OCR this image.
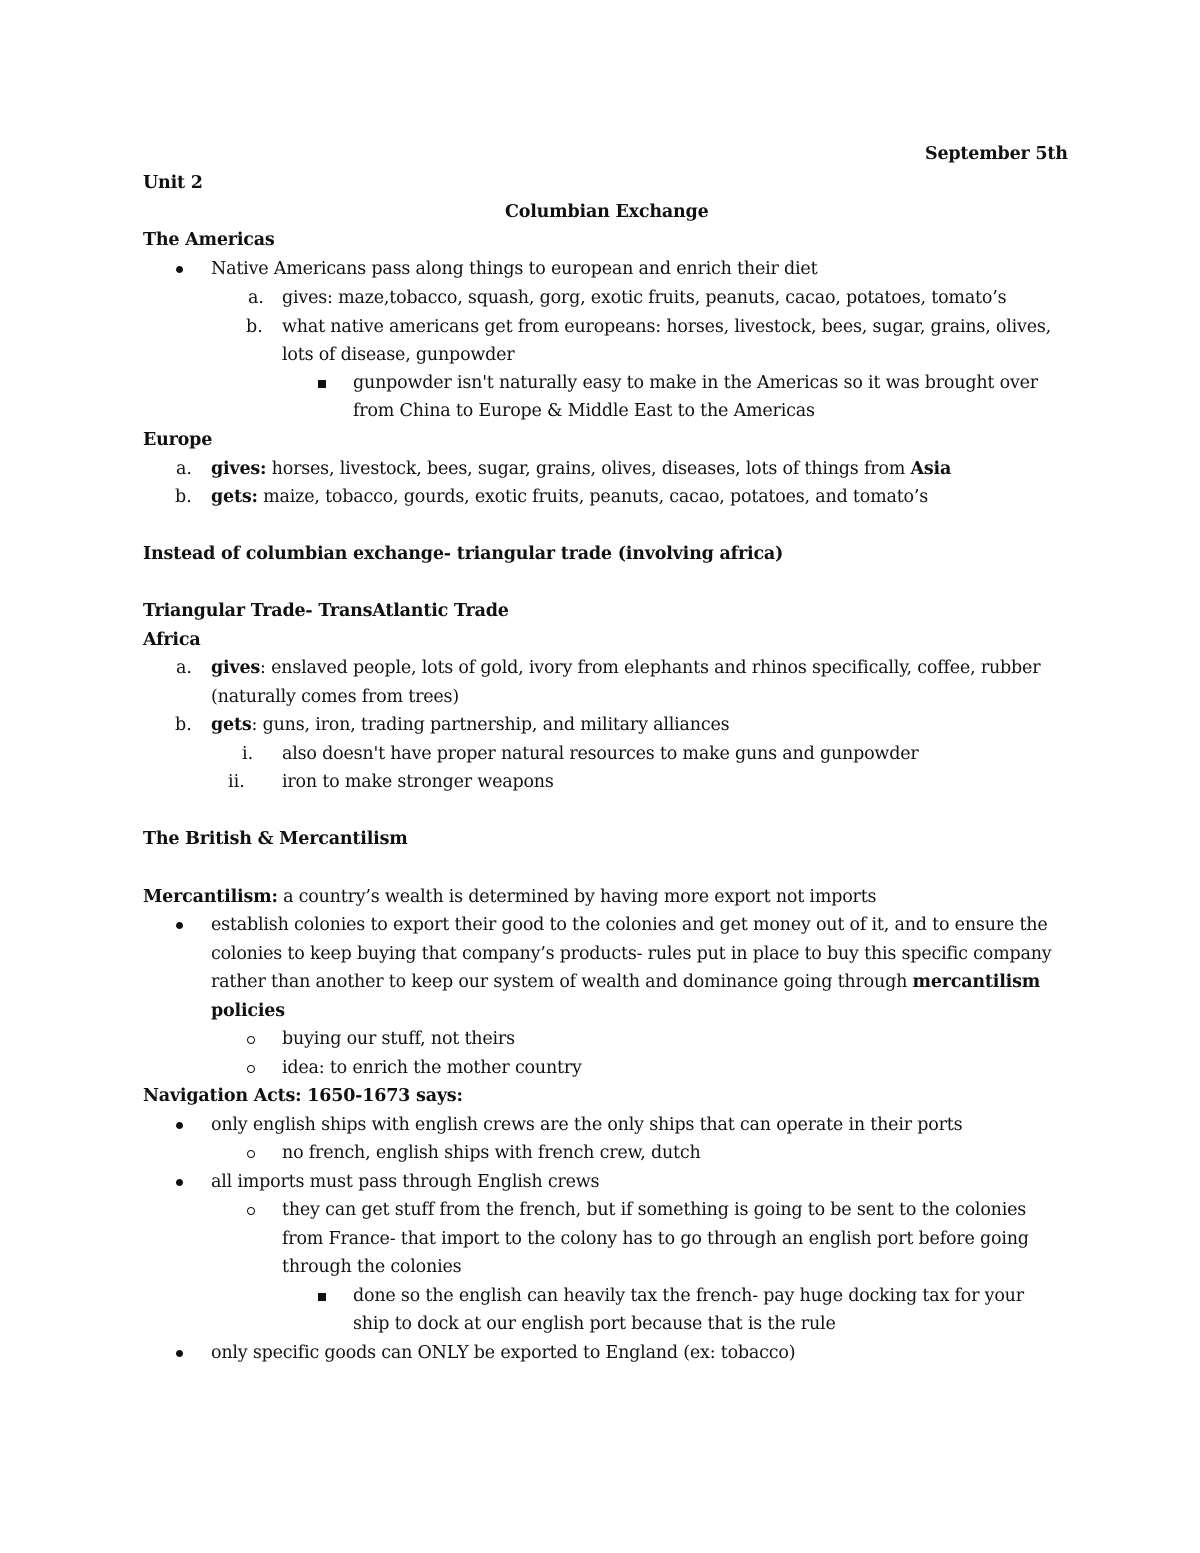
September 5th
Unit 2
Columbian Exchange
The Americas
Native Americans pass along things to european and enrich their diet
a. gives: maze,tobacco, squash, gorg, exotic fruits, peanuts, cacao, potatoes, tomato’s
b. what native americans get from europeans: horses, livestock, bees, sugar, grains, olives,
lots of disease, gunpowder
gunpowder isn't naturally easy to make in the Americas so it was brought over
from China to Europe & Middle East to the Americas
Europe
a. gives: horses, livestock, bees, sugar, grains, olives, diseases, lots of things from Asia
b. gets: maize, tobacco, gourds, exotic fruits, peanuts, cacao, potatoes, and tomato’s
Instead of columbian exchange- triangular trade (involving africa)
Triangular Trade- TransAtlantic Trade
Africa
a. gives: enslaved people, lots of gold, ivory from elephants and rhinos specifically, coffee, rubber
(naturally comes from trees)
b. gets: guns, iron, trading partnership, and military alliances
i. also doesn't have proper natural resources to make guns and gunpowder
ii. iron to make stronger weapons
The British & Mercantilism
Mercantilism: a country’s wealth is determined by having more export not imports
establish colonies to export their good to the colonies and get money out of it, and to ensure the
colonies to keep buying that company’s products- rules put in place to buy this specific company
rather than another to keep our system of wealth and dominance going through mercantilism
policies
buying our stuff, not theirs
idea: to enrich the mother country
Navigation Acts: 1650-1673 says:
only english ships with english crews are the only ships that can operate in their ports
no french, english ships with french crew, dutch
all imports must pass through English crews
they can get stuff from the french, but if something is going to be sent to the colonies
from France- that import to the colony has to go through an english port before going
through the colonies
done so the english can heavily tax the french- pay huge docking tax for your
ship to dock at our english port because that is the rule
only specific goods can ONLY be exported to England (ex: tobacco)
